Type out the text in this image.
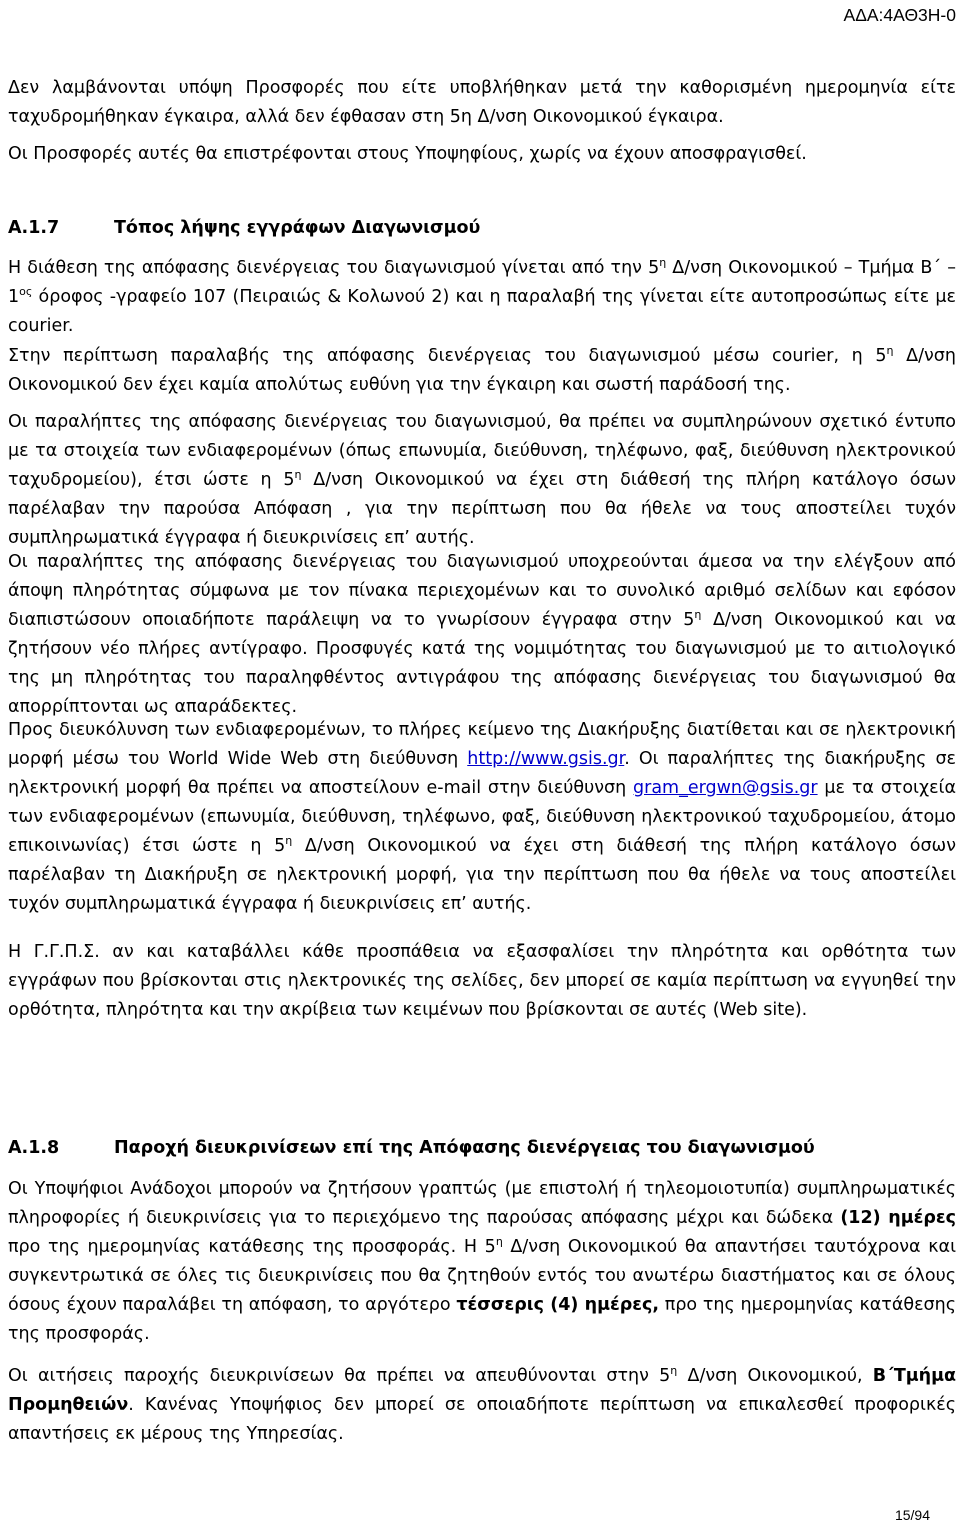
ΑΔΑ:4ΑΘ3Η-0

Δεν λαμβάνονται υπόψη Προσφορές που είτε υποβλήθηκαν μετά την καθορισμένη ημερομηνία είτε ταχυδρομήθηκαν έγκαιρα, αλλά δεν έφθασαν στη 5η Δ/νση Οικονομικού έγκαιρα.

Οι Προσφορές αυτές θα επιστρέφονται στους Υποψηφίους, χωρίς να έχουν αποσφραγισθεί.

Α.1.7	Τόπος λήψης εγγράφων Διαγωνισμού

Η διάθεση της απόφασης διενέργειας του διαγωνισμού γίνεται από την $5^\eta$ Δ/νση Οικονομικού – Τμήμα $B΄ - 1^{o\varsigma}$ όροφος -γραφείο 107 (Πειραιώς & Κολωνού 2) και η παραλαβή της γίνεται είτε αυτοπροσώπως είτε με courier.

Στην περίπτωση παραλαβής της απόφασης διενέργειας του διαγωνισμού μέσω courier, η $5^\eta$ Δ/νση Οικονομικού δεν έχει καμία απολύτως ευθύνη για την έγκαιρη και σωστή παράδοσή της.

Οι παραλήπτες της απόφασης διενέργειας του διαγωνισμού, θα πρέπει να συμπληρώνουν σχετικό έντυπο με τα στοιχεία των ενδιαφερομένων (όπως επωνυμία, διεύθυνση, τηλέφωνο, φαξ, διεύθυνση ηλεκτρονικού ταχυδρομείου), έτσι ώστε η $5^\eta$ Δ/νση Οικονομικού να έχει στη διάθεσή της πλήρη κατάλογο όσων παρέλαβαν την παρούσα Απόφαση , για την περίπτωση που θα ήθελε να τους αποστείλει τυχόν συμπληρωματικά έγγραφα ή διευκρινίσεις επ’ αυτής.

Οι παραλήπτες της απόφασης διενέργειας του διαγωνισμού υποχρεούνται άμεσα να την ελέγξουν από άποψη πληρότητας σύμφωνα με τον πίνακα περιεχομένων και το συνολικό αριθμό σελίδων και εφόσον διαπιστώσουν οποιαδήποτε παράλειψη να το γνωρίσουν έγγραφα στην $5^\eta$ Δ/νση Οικονομικού και να ζητήσουν νέο πλήρες αντίγραφο. Προσφυγές κατά της νομιμότητας του διαγωνισμού με το αιτιολογικό της μη πληρότητας του παραληφθέντος αντιγράφου της απόφασης διενέργειας του διαγωνισμού θα απορρίπτονται ως απαράδεκτες.

Προς διευκόλυνση των ενδιαφερομένων, το πλήρες κείμενο της Διακήρυξης διατίθεται και σε ηλεκτρονική μορφή μέσω του World Wide Web στη διεύθυνση http://www.gsis.gr. Οι παραλήπτες της διακήρυξης σε ηλεκτρονική μορφή θα πρέπει να αποστείλουν e-mail στην διεύθυνση gram_ergwn@gsis.gr με τα στοιχεία των ενδιαφερομένων (επωνυμία, διεύθυνση, τηλέφωνο, φαξ, διεύθυνση ηλεκτρονικού ταχυδρομείου, άτομο επικοινωνίας) έτσι ώστε η $5^\eta$ Δ/νση Οικονομικού να έχει στη διάθεσή της πλήρη κατάλογο όσων παρέλαβαν τη Διακήρυξη σε ηλεκτρονική μορφή, για την περίπτωση που θα ήθελε να τους αποστείλει τυχόν συμπληρωματικά έγγραφα ή διευκρινίσεις επ’ αυτής.

Η Γ.Γ.Π.Σ. αν και καταβάλλει κάθε προσπάθεια να εξασφαλίσει την πληρότητα και ορθότητα των εγγράφων που βρίσκονται στις ηλεκτρονικές της σελίδες, δεν μπορεί σε καμία περίπτωση να εγγυηθεί την ορθότητα, πληρότητα και την ακρίβεια των κειμένων που βρίσκονται σε αυτές (Web site).

Α.1.8	Παροχή διευκρινίσεων επί της Απόφασης διενέργειας του διαγωνισμού

Οι Υποψήφιοι Ανάδοχοι μπορούν να ζητήσουν γραπτώς (με επιστολή ή τηλεομοιοτυπία) συμπληρωματικές πληροφορίες ή διευκρινίσεις για το περιεχόμενο της παρούσας απόφασης μέχρι και δώδεκα (12) ημέρες προ της ημερομηνίας κατάθεσης της προσφοράς. Η $5^\eta$ Δ/νση Οικονομικού θα απαντήσει ταυτόχρονα και συγκεντρωτικά σε όλες τις διευκρινίσεις που θα ζητηθούν εντός του ανωτέρω διαστήματος και σε όλους όσους έχουν παραλάβει τη απόφαση, το αργότερο τέσσερις (4) ημέρες, προ της ημερομηνίας κατάθεσης της προσφοράς.

Οι αιτήσεις παροχής διευκρινίσεων θα πρέπει να απευθύνονται στην $5^\eta$ Δ/νση Οικονομικού, Β΄Τμήμα Προμηθειών. Κανένας Υποψήφιος δεν μπορεί σε οποιαδήποτε περίπτωση να επικαλεσθεί προφορικές απαντήσεις εκ μέρους της Υπηρεσίας.

15/94
